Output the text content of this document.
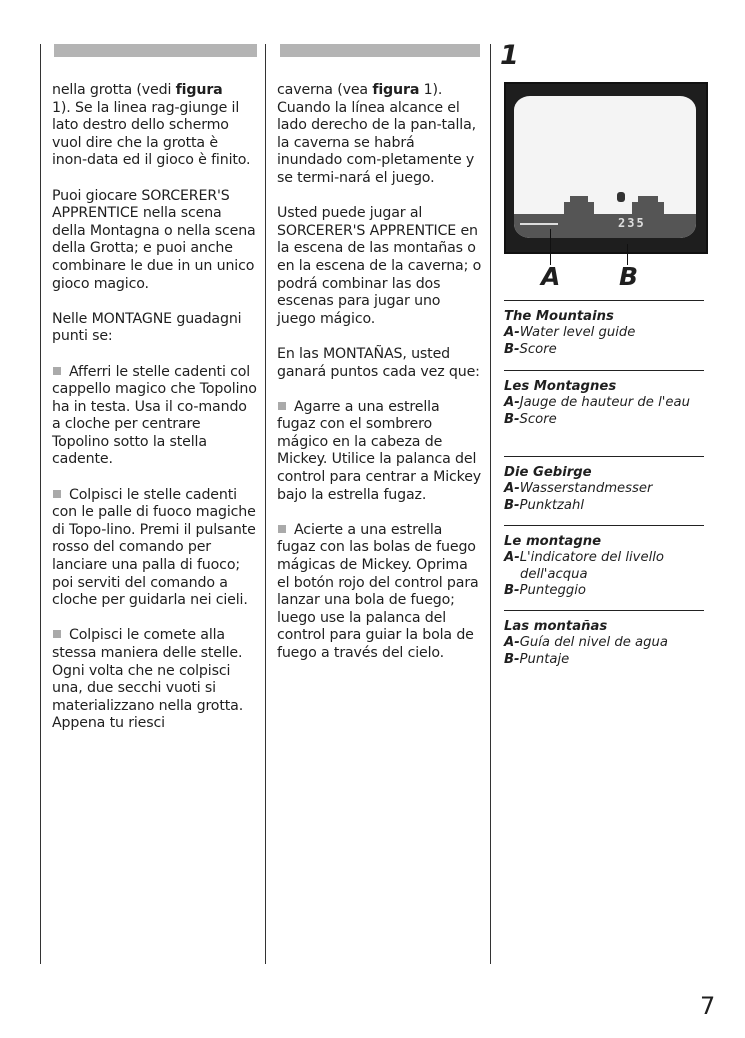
nella grotta (vedi figura
1). Se la linea rag-giunge il lato destro dello schermo vuol dire che la grotta è inon-data ed il gioco è finito.

Puoi giocare SORCERER'S APPRENTICE nella scena della Montagna o nella scena della Grotta; e puoi anche combinare le due in un unico gioco magico.

Nelle MONTAGNE guadagni punti se:

Afferri le stelle cadenti col cappello magico che Topolino ha in testa. Usa il co-mando a cloche per centrare Topolino sotto la stella cadente.

Colpisci le stelle cadenti con le palle di fuoco magiche di Topo-lino. Premi il pulsante rosso del comando per lanciare una palla di fuoco; poi serviti del comando a cloche per guidarla nei cieli.

Colpisci le comete alla stessa maniera delle stelle. Ogni volta che ne colpisci una, due secchi vuoti si materializzano nella grotta. Appena tu riesci

caverna (vea figura 1). Cuando la línea alcance el lado derecho de la pan-talla, la caverna se habrá inundado com-pletamente y se termi-nará el juego.

Usted puede jugar al SORCERER'S APPRENTICE en la escena de las montañas o en la escena de la caverna; o podrá combinar las dos escenas para jugar uno juego mágico.

En las MONTAÑAS, usted ganará puntos cada vez que:

Agarre a una estrella fugaz con el sombrero mágico en la cabeza de Mickey. Utilice la palanca del control para centrar a Mickey bajo la estrella fugaz.

Acierte a una estrella fugaz con las bolas de fuego mágicas de Mickey. Oprima el botón rojo del control para lanzar una bola de fuego; luego use la palanca del control para guiar la bola de fuego a través del cielo.

1
235
A B
The Mountains
A-Water level guide
B-Score
Les Montagnes
A-Jauge de hauteur de l'eau
B-Score
Die Gebirge
A-Wasserstandmesser
B-Punktzahl
Le montagne
A-L'indicatore del livello dell'acqua
B-Punteggio
Las montañas
A-Guía del nivel de agua
B-Puntaje
7
